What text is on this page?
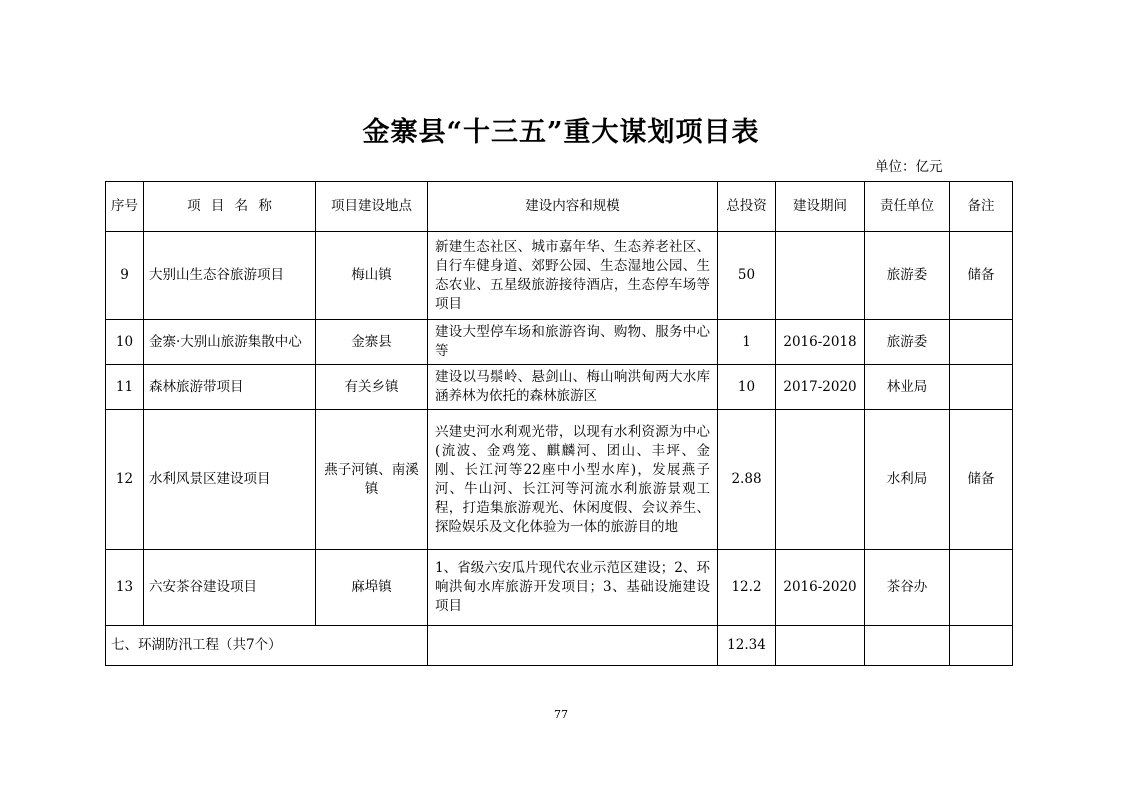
金寨县“十三五”重大谋划项目表
单位：亿元
序号	项 目 名 称	项目建设地点	建设内容和规模	总投资	建设期间	责任单位	备注
9	大别山生态谷旅游项目	梅山镇	新建生态社区、城市嘉年华、生态养老社区、自行车健身道、郊野公园、生态湿地公园、生态农业、五星级旅游接待酒店，生态停车场等项目	50		旅游委	储备
10	金寨·大别山旅游集散中心	金寨县	建设大型停车场和旅游咨询、购物、服务中心等	1	2016-2018	旅游委	
11	森林旅游带项目	有关乡镇	建设以马鬃岭、悬剑山、梅山响洪甸两大水库涵养林为依托的森林旅游区	10	2017-2020	林业局	
12	水利风景区建设项目	燕子河镇、南溪镇	兴建史河水利观光带，以现有水利资源为中心(流波、金鸡笼、麒麟河、团山、丰坪、金刚、长江河等22座中小型水库)，发展燕子河、牛山河、长江河等河流水利旅游景观工程，打造集旅游观光、休闲度假、会议养生、探险娱乐及文化体验为一体的旅游目的地	2.88		水利局	储备
13	六安茶谷建设项目	麻埠镇	1、省级六安瓜片现代农业示范区建设；2、环响洪甸水库旅游开发项目；3、基础设施建设项目	12.2	2016-2020	茶谷办	
七、环湖防汛工程（共7个）				12.34			
77
